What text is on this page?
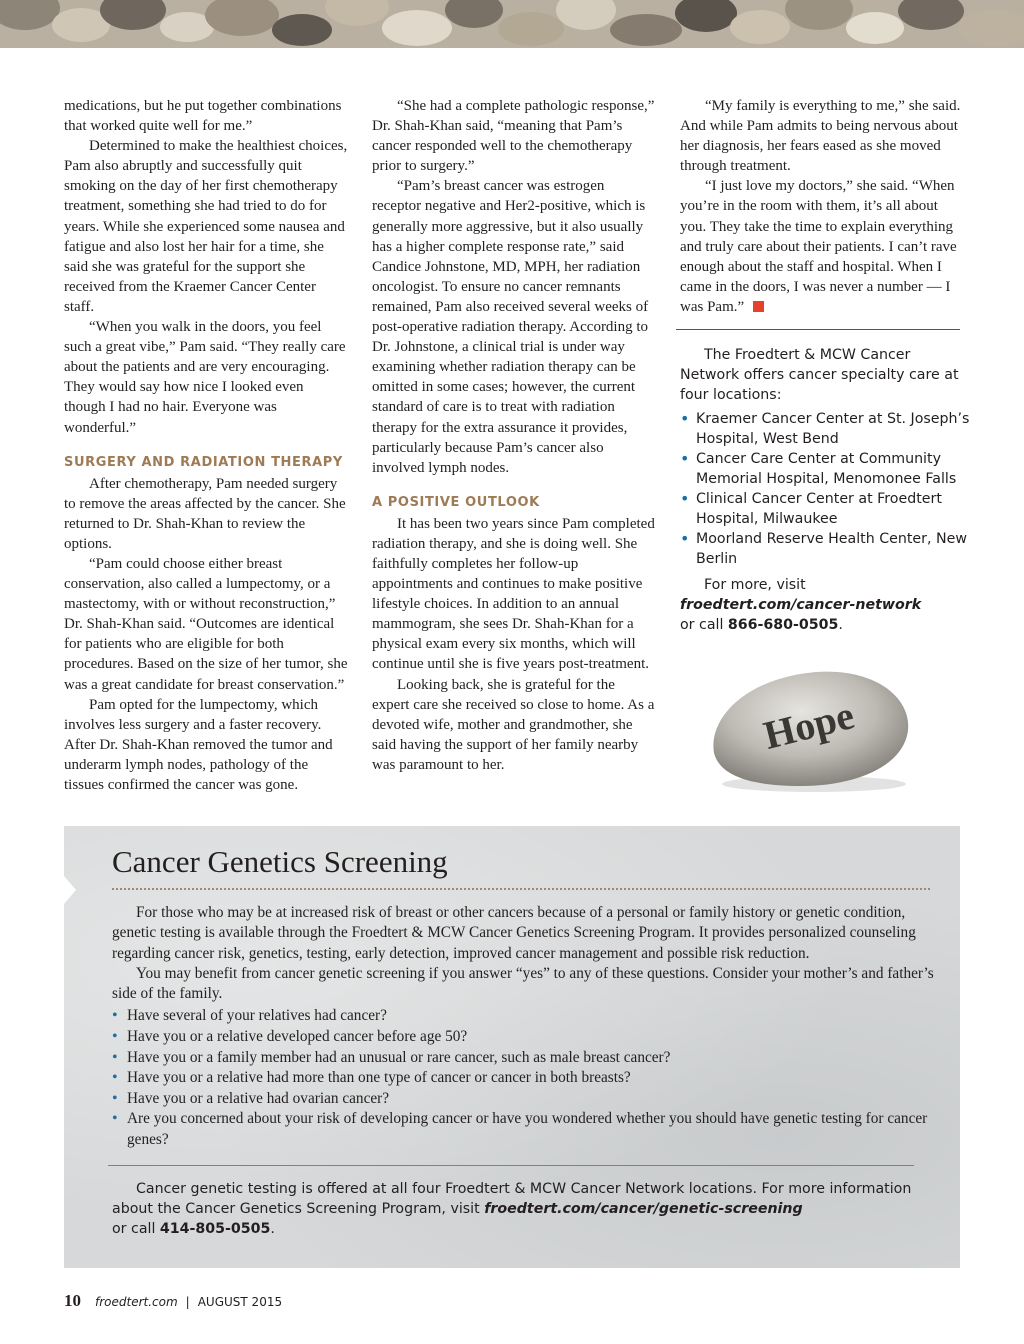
medications, but he put together combinations that worked quite well for me.”

Determined to make the healthiest choices, Pam also abruptly and successfully quit smoking on the day of her first chemotherapy treatment, something she had tried to do for years. While she experienced some nausea and fatigue and also lost her hair for a time, she said she was grateful for the support she received from the Kraemer Cancer Center staff.

“When you walk in the doors, you feel such a great vibe,” Pam said. “They really care about the patients and are very encouraging. They would say how nice I looked even though I had no hair. Everyone was wonderful.”

SURGERY AND RADIATION THERAPY

After chemotherapy, Pam needed surgery to remove the areas affected by the cancer. She returned to Dr. Shah-Khan to review the options.

“Pam could choose either breast conservation, also called a lumpectomy, or a mastectomy, with or without reconstruction,” Dr. Shah-Khan said. “Outcomes are identical for patients who are eligible for both procedures. Based on the size of her tumor, she was a great candidate for breast conservation.”

Pam opted for the lumpectomy, which involves less surgery and a faster recovery. After Dr. Shah-Khan removed the tumor and underarm lymph nodes, pathology of the tissues confirmed the cancer was gone.

“She had a complete pathologic response,” Dr. Shah-Khan said, “meaning that Pam’s cancer responded well to the chemotherapy prior to surgery.”

“Pam’s breast cancer was estrogen receptor negative and Her2-positive, which is generally more aggressive, but it also usually has a higher complete response rate,” said Candice Johnstone, MD, MPH, her radiation oncologist. To ensure no cancer remnants remained, Pam also received several weeks of post-operative radiation therapy. According to Dr. Johnstone, a clinical trial is under way examining whether radiation therapy can be omitted in some cases; however, the current standard of care is to treat with radiation therapy for the extra assurance it provides, particularly because Pam’s cancer also involved lymph nodes.

A POSITIVE OUTLOOK

It has been two years since Pam completed radiation therapy, and she is doing well. She faithfully completes her follow-up appointments and continues to make positive lifestyle choices. In addition to an annual mammogram, she sees Dr. Shah-Khan for a physical exam every six months, which will continue until she is five years post-treatment.

Looking back, she is grateful for the expert care she received so close to home. As a devoted wife, mother and grandmother, she said having the support of her family nearby was paramount to her.

“My family is everything to me,” she said. And while Pam admits to being nervous about her diagnosis, her fears eased as she moved through treatment.

“I just love my doctors,” she said. “When you’re in the room with them, it’s all about you. They take the time to explain everything and truly care about their patients. I can’t rave enough about the staff and hospital. When I came in the doors, I was never a number — I was Pam.”

The Froedtert & MCW Cancer Network offers cancer specialty care at four locations:

• Kraemer Cancer Center at St. Joseph’s Hospital, West Bend
• Cancer Care Center at Community Memorial Hospital, Menomonee Falls
• Clinical Cancer Center at Froedtert Hospital, Milwaukee
• Moorland Reserve Health Center, New Berlin

For more, visit

froedtert.com/cancer-network
or call 866-680-0505.

Hope
Cancer Genetics Screening

For those who may be at increased risk of breast or other cancers because of a personal or family history or genetic condition, genetic testing is available through the Froedtert & MCW Cancer Genetics Screening Program. It provides personalized counseling regarding cancer risk, genetics, testing, early detection, improved cancer management and possible risk reduction.

You may benefit from cancer genetic screening if you answer “yes” to any of these questions. Consider your mother’s and father’s side of the family.

• Have several of your relatives had cancer?
• Have you or a relative developed cancer before age 50?
• Have you or a family member had an unusual or rare cancer, such as male breast cancer?
• Have you or a relative had more than one type of cancer or cancer in both breasts?
• Have you or a relative had ovarian cancer?
• Are you concerned about your risk of developing cancer or have you wondered whether you should have genetic testing for cancer genes?

Cancer genetic testing is offered at all four Froedtert & MCW Cancer Network locations. For more information about the Cancer Genetics Screening Program, visit froedtert.com/cancer/genetic-screening
or call 414-805-0505.

10 froedtert.com | AUGUST 2015
